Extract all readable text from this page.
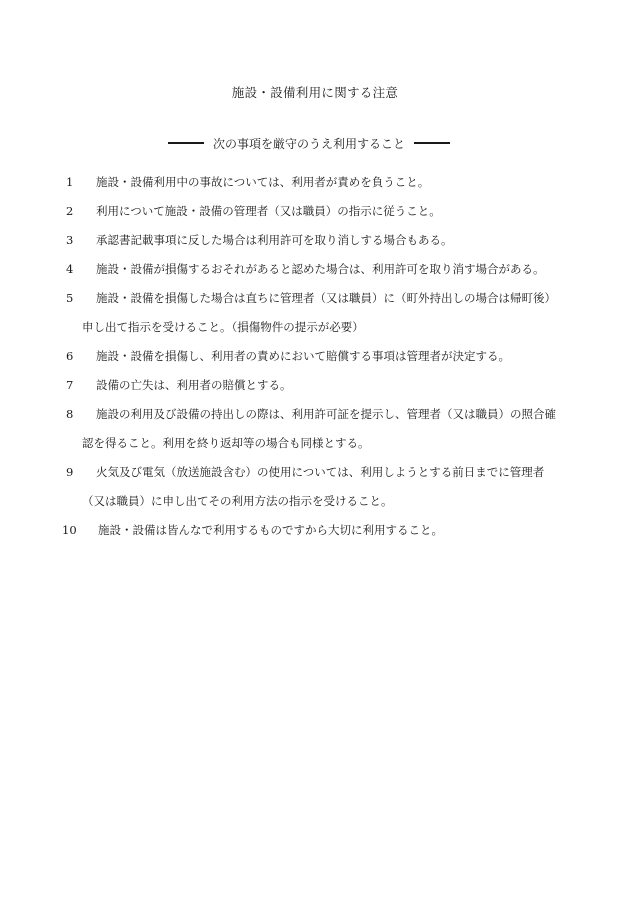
施設・設備利用に関する注意
次の事項を厳守のうえ利用すること
1	施設・設備利用中の事故については、利用者が責めを負うこと。
2	利用について施設・設備の管理者（又は職員）の指示に従うこと。
3	承認書記載事項に反した場合は利用許可を取り消しする場合もある。
4	施設・設備が損傷するおそれがあると認めた場合は、利用許可を取り消す場合がある。
5	施設・設備を損傷した場合は直ちに管理者（又は職員）に（町外持出しの場合は帰町後）
申し出て指示を受けること。（損傷物件の提示が必要）
6	施設・設備を損傷し、利用者の責めにおいて賠償する事項は管理者が決定する。
7	設備の亡失は、利用者の賠償とする。
8	施設の利用及び設備の持出しの際は、利用許可証を提示し、管理者（又は職員）の照合確
認を得ること。利用を終り返却等の場合も同様とする。
9	火気及び電気（放送施設含む）の使用については、利用しようとする前日までに管理者
（又は職員）に申し出てその利用方法の指示を受けること。
10	施設・設備は皆んなで利用するものですから大切に利用すること。
